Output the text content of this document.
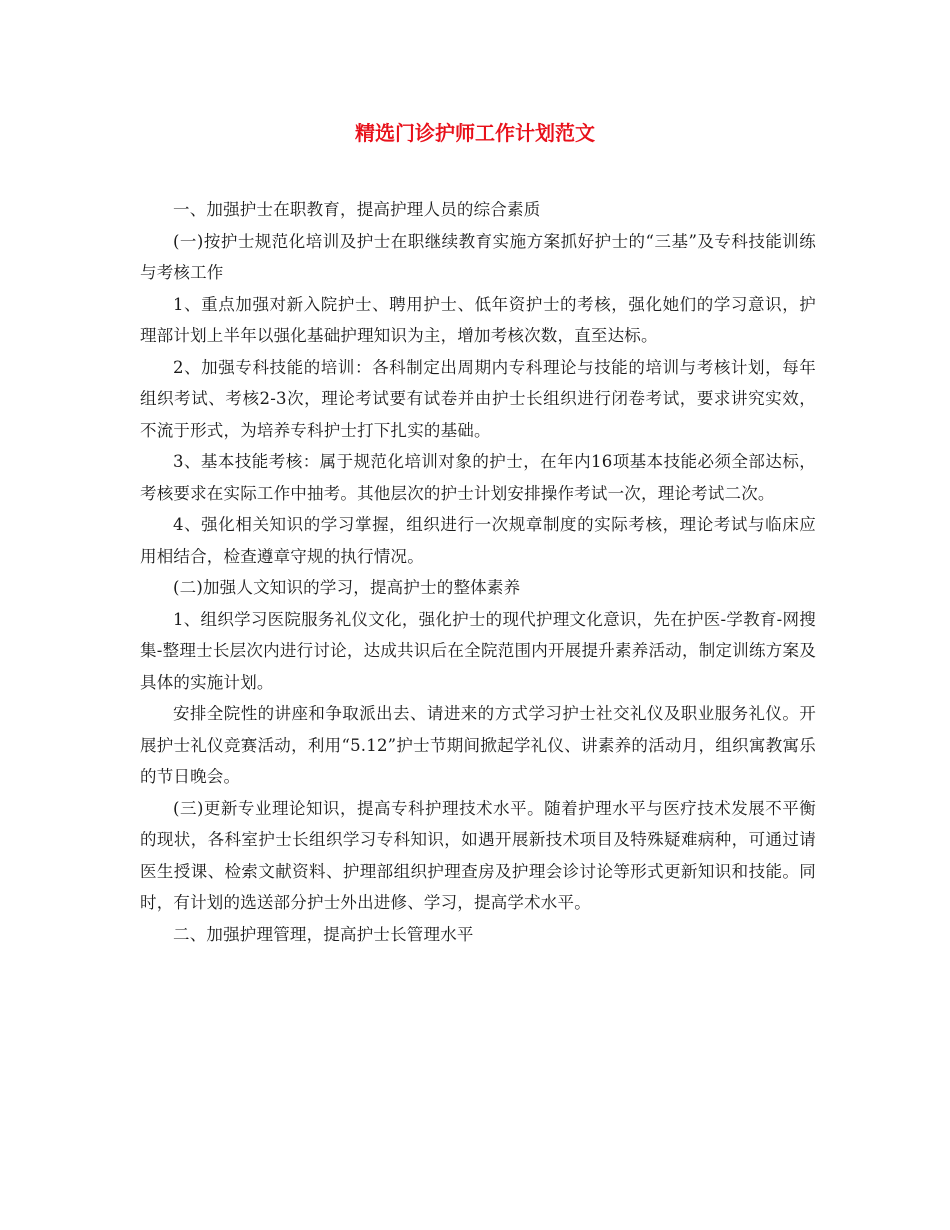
精选门诊护师工作计划范文

一、加强护士在职教育，提高护理人员的综合素质

(一)按护士规范化培训及护士在职继续教育实施方案抓好护士的“三基”及专科技能训练与考核工作

1、重点加强对新入院护士、聘用护士、低年资护士的考核，强化她们的学习意识，护理部计划上半年以强化基础护理知识为主，增加考核次数，直至达标。

2、加强专科技能的培训：各科制定出周期内专科理论与技能的培训与考核计划，每年组织考试、考核2-3次，理论考试要有试卷并由护士长组织进行闭卷考试，要求讲究实效，不流于形式，为培养专科护士打下扎实的基础。

3、基本技能考核：属于规范化培训对象的护士，在年内16项基本技能必须全部达标，考核要求在实际工作中抽考。其他层次的护士计划安排操作考试一次，理论考试二次。

4、强化相关知识的学习掌握，组织进行一次规章制度的实际考核，理论考试与临床应用相结合，检查遵章守规的执行情况。

(二)加强人文知识的学习，提高护士的整体素养

1、组织学习医院服务礼仪文化，强化护士的现代护理文化意识，先在护医-学教育-网搜集-整理士长层次内进行讨论，达成共识后在全院范围内开展提升素养活动，制定训练方案及具体的实施计划。

安排全院性的讲座和争取派出去、请进来的方式学习护士社交礼仪及职业服务礼仪。开展护士礼仪竞赛活动，利用“5.12”护士节期间掀起学礼仪、讲素养的活动月，组织寓教寓乐的节日晚会。

(三)更新专业理论知识，提高专科护理技术水平。随着护理水平与医疗技术发展不平衡的现状，各科室护士长组织学习专科知识，如遇开展新技术项目及特殊疑难病种，可通过请医生授课、检索文献资料、护理部组织护理查房及护理会诊讨论等形式更新知识和技能。同时，有计划的选送部分护士外出进修、学习，提高学术水平。

二、加强护理管理，提高护士长管理水平
